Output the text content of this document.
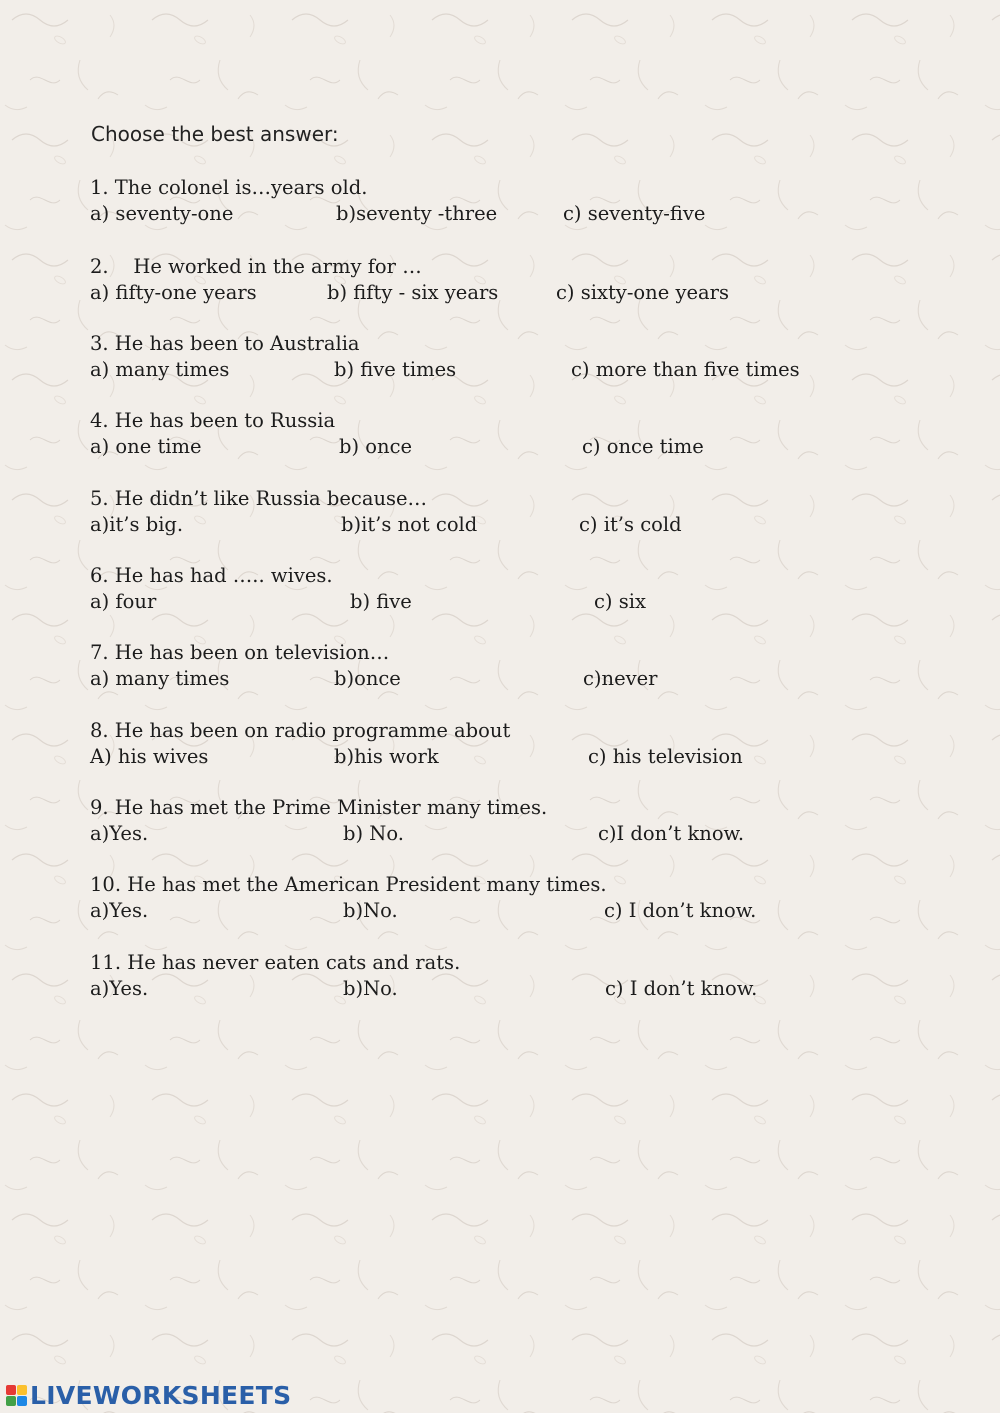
Choose the best answer:
1. The colonel is…years old.
a) seventy-one	b)seventy -three	c) seventy-five
2.    He worked in the army for …
a) fifty-one years	b) fifty - six years	c) sixty-one years
3. He has been to Australia
a) many times	b) five times	c) more than five times
4. He has been to Russia
a) one time	b) once	c) once time
5. He didn’t like Russia because…
a)it’s big.	b)it’s not cold	c) it’s cold
6. He has had ….. wives.
a) four	b) five	c) six
7. He has been on television…
a) many times	b)once	c)never
8. He has been on radio programme about
A) his wives	b)his work	c) his television
9. He has met the Prime Minister many times.
a)Yes.	b) No.	c)I don’t know.
10. He has met the American President many times.
a)Yes.	b)No.	c) I don’t know.
11. He has never eaten cats and rats.
a)Yes.	b)No.	c) I don’t know.
LIVEWORKSHEETS
